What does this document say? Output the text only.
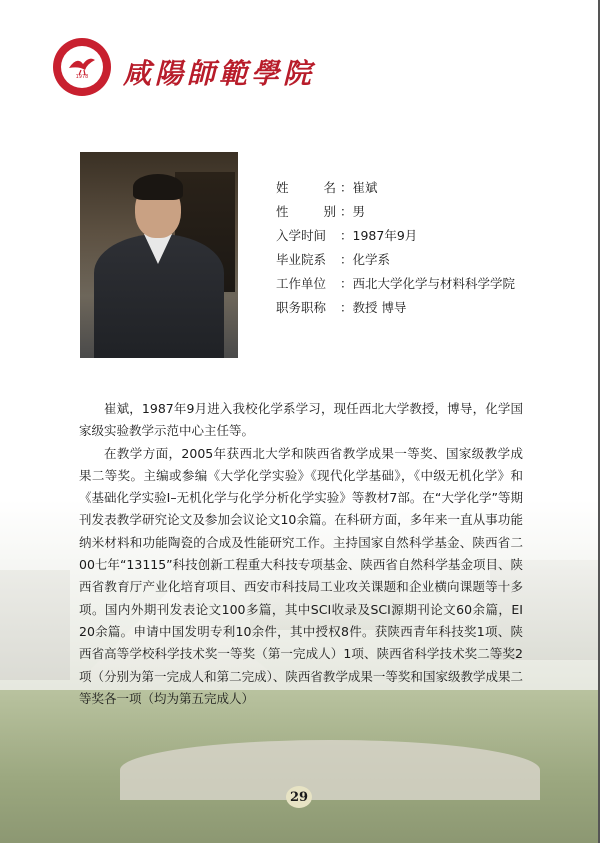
1978 咸陽師範學院
姓	名 ： 崔斌
性	别 ： 男
入学时间	： 1987年9月
毕业院系	： 化学系
工作单位	： 西北大学化学与材料科学学院
职务职称	： 教授 博导

崔斌，1987年9月进入我校化学系学习，现任西北大学教授，博导，化学国家级实验教学示范中心主任等。

在教学方面，2005年获西北大学和陕西省教学成果一等奖、国家级教学成果二等奖。主编或参编《大学化学实验》《现代化学基础》，《中级无机化学》和《基础化学实验Ⅰ–无机化学与化学分析化学实验》等教材7部。在“大学化学”等期刊发表教学研究论文及参加会议论文10余篇。在科研方面，多年来一直从事功能纳米材料和功能陶瓷的合成及性能研究工作。主持国家自然科学基金、陕西省二00七年“13115”科技创新工程重大科技专项基金、陕西省自然科学基金项目、陕西省教育厅产业化培育项目、西安市科技局工业攻关课题和企业横向课题等十多项。国内外期刊发表论文100多篇，其中SCI收录及SCI源期刊论文60余篇，EI 20余篇。申请中国发明专利10余件，其中授权8件。获陕西青年科技奖1项、陕西省高等学校科学技术奖一等奖（第一完成人）1项、陕西省科学技术奖二等奖2项（分别为第一完成人和第二完成）、陕西省教学成果一等奖和国家级教学成果二等奖各一项（均为第五完成人）

29
